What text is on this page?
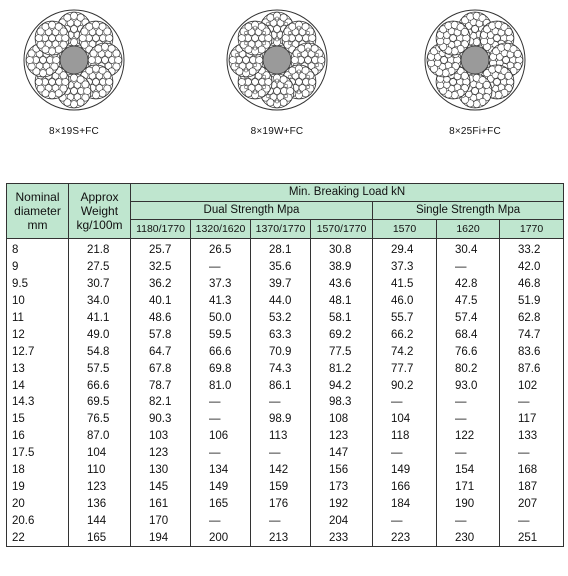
8×19S+FC	8×19W+FC	8×25Fi+FC
Nominal diameter mm	Approx Weight kg/100m	Min. Breaking Load kN						
		Dual Strength Mpa				Single Strength Mpa		
		1180/1770	1320/1620	1370/1770	1570/1770	1570	1620	1770
8	21.8	25.7	26.5	28.1	30.8	29.4	30.4	33.2
9	27.5	32.5	—	35.6	38.9	37.3	—	42.0
9.5	30.7	36.2	37.3	39.7	43.6	41.5	42.8	46.8
10	34.0	40.1	41.3	44.0	48.1	46.0	47.5	51.9
11	41.1	48.6	50.0	53.2	58.1	55.7	57.4	62.8
12	49.0	57.8	59.5	63.3	69.2	66.2	68.4	74.7
12.7	54.8	64.7	66.6	70.9	77.5	74.2	76.6	83.6
13	57.5	67.8	69.8	74.3	81.2	77.7	80.2	87.6
14	66.6	78.7	81.0	86.1	94.2	90.2	93.0	102
14.3	69.5	82.1	—	—	98.3	—	—	—
15	76.5	90.3	—	98.9	108	104	—	117
16	87.0	103	106	113	123	118	122	133
17.5	104	123	—	—	147	—	—	—
18	110	130	134	142	156	149	154	168
19	123	145	149	159	173	166	171	187
20	136	161	165	176	192	184	190	207
20.6	144	170	—	—	204	—	—	—
22	165	194	200	213	233	223	230	251
